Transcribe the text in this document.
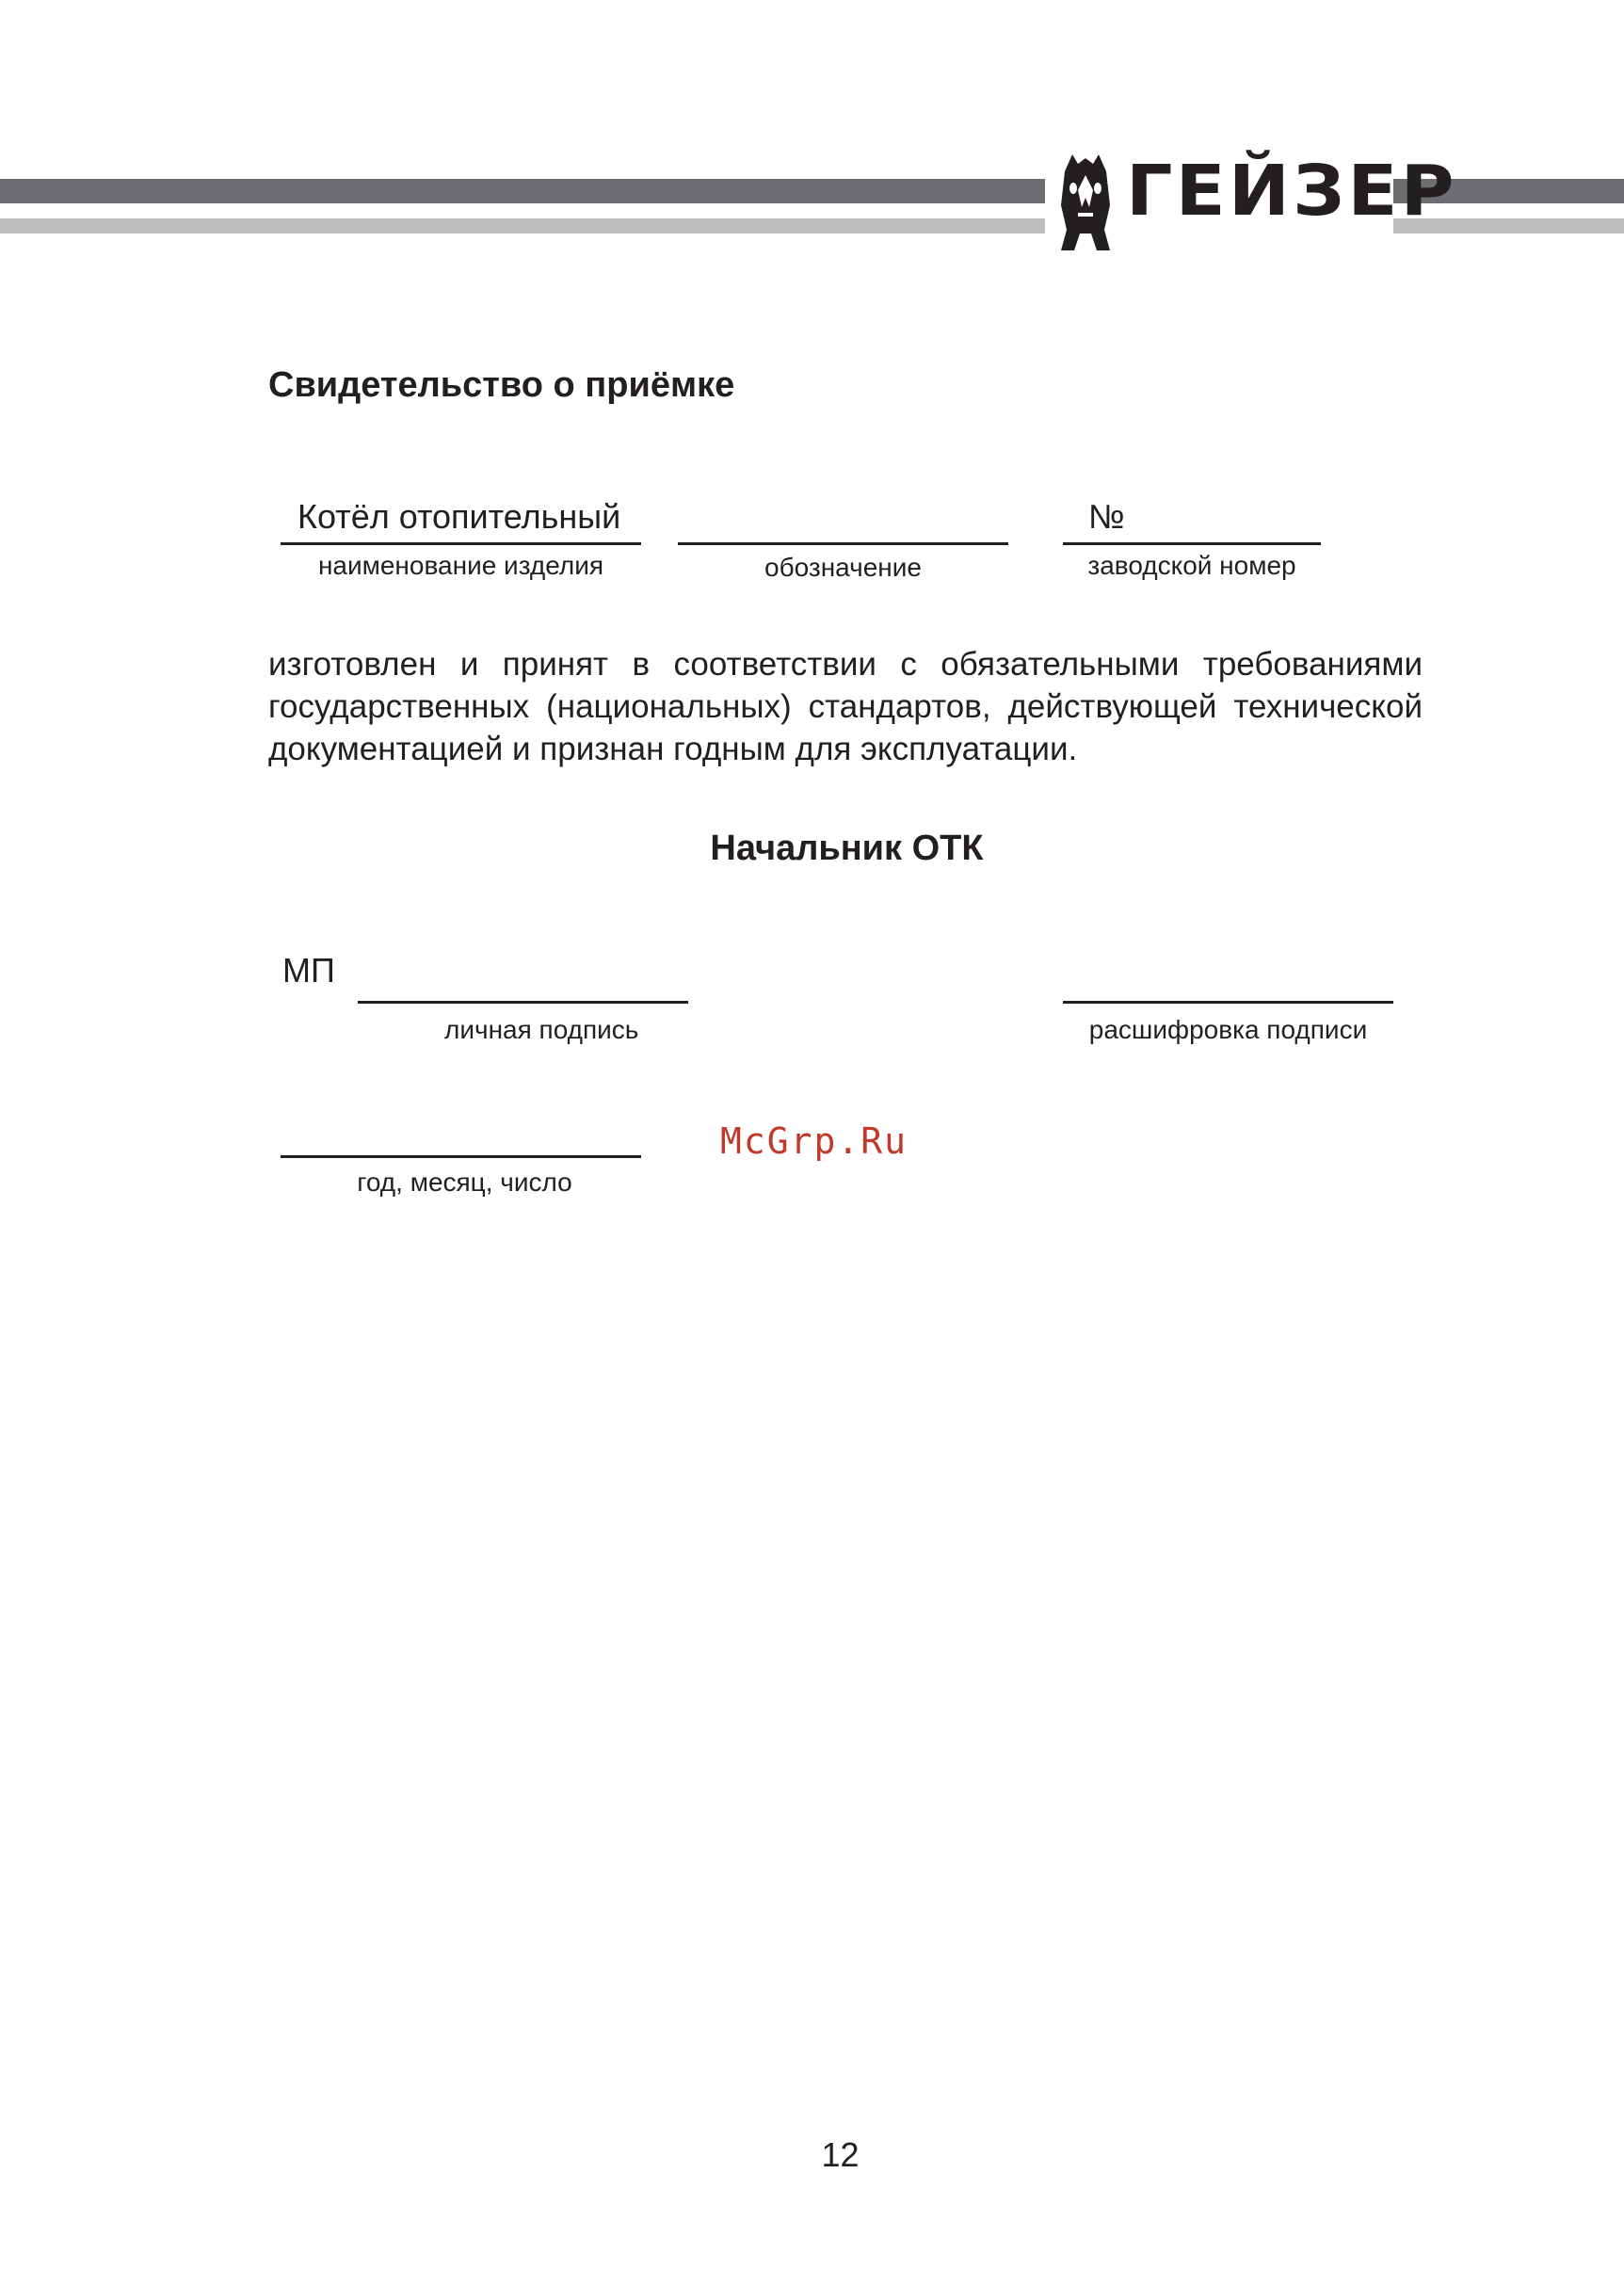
ГЕЙЗЕР
Свидетельство о приёмке
Котёл отопительный
наименование изделия	обозначение
№
заводской номер
изготовлен и принят в соответствии с обязательными требованиями
государственных (национальных) стандартов, действующей технической
документацией и признан годным для эксплуатации.
Начальник ОТК
МП
личная подпись	расшифровка подписи
год, месяц, число
McGrp.Ru
12
